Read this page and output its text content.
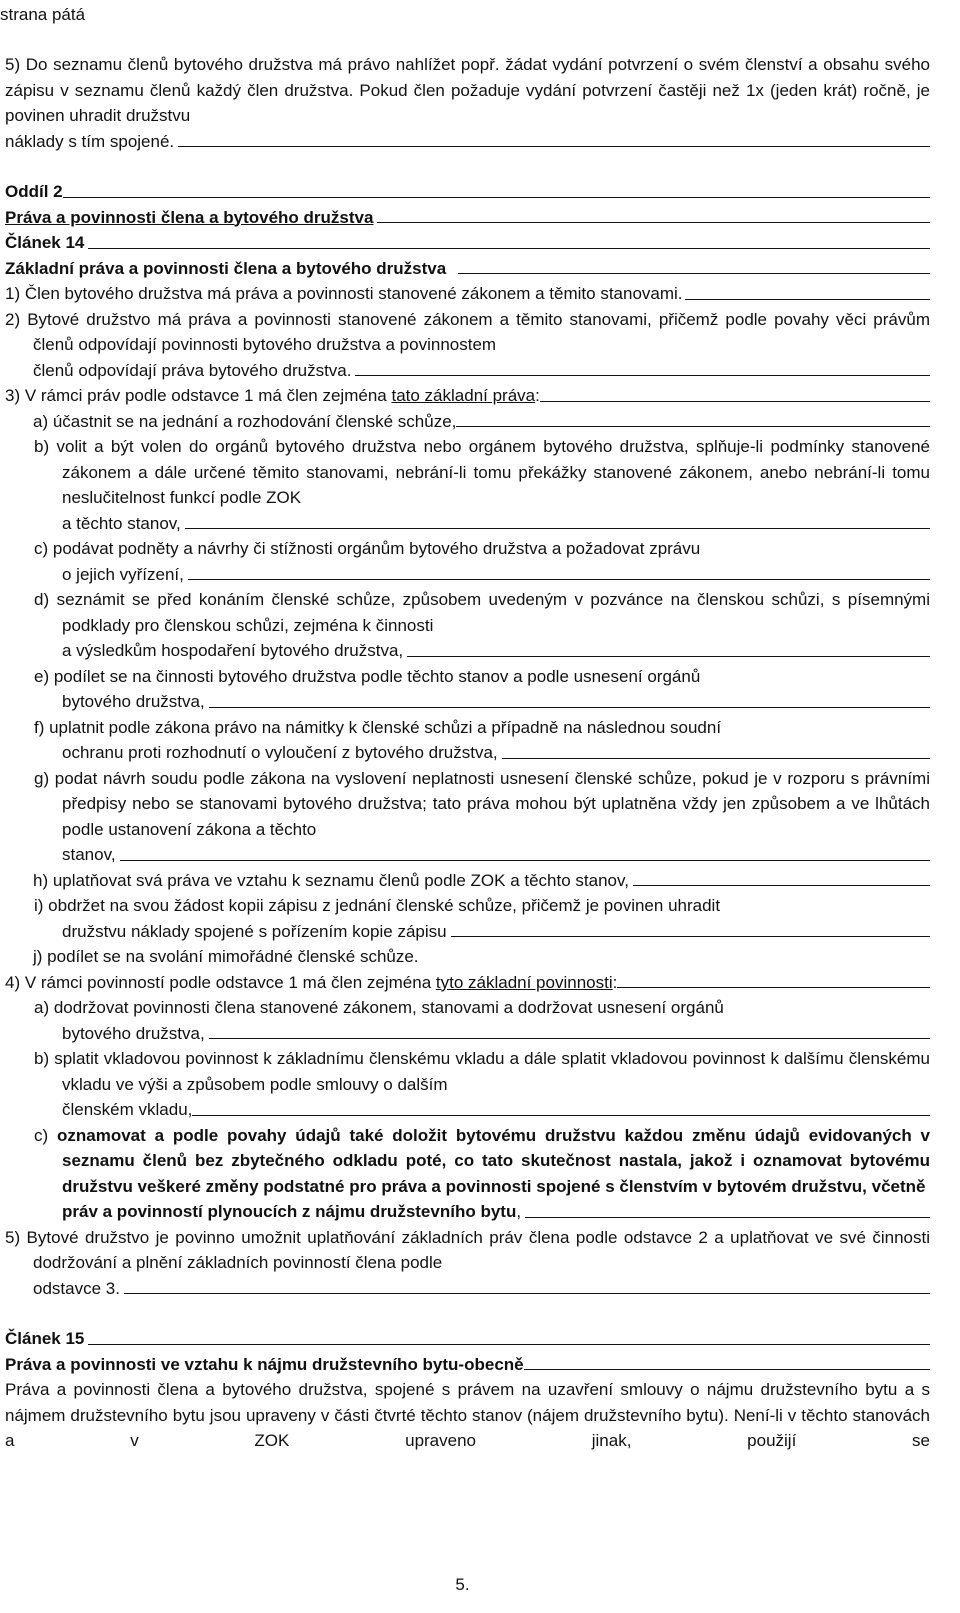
strana pátá

5) Do seznamu členů bytového družstva má právo nahlížet popř. žádat vydání potvrzení o svém členství a obsahu svého zápisu v seznamu členů každý člen družstva. Pokud člen požaduje vydání potvrzení častěji než 1x (jeden krát) ročně, je povinen uhradit družstvu

náklady s tím spojené.

Oddíl 2

Práva a povinnosti člena a bytového družstva

Článek 14

Základní práva a povinnosti člena a bytového družstva

1) Člen bytového družstva má práva a povinnosti stanovené zákonem a těmito stanovami.

2) Bytové družstvo má práva a povinnosti stanovené zákonem a těmito stanovami, přičemž podle povahy věci právům členů odpovídají povinnosti bytového družstva a povinnostem

členů odpovídají práva bytového družstva.

3) V rámci práv podle odstavce 1 má člen zejména tato základní práva:

a) účastnit se na jednání a rozhodování členské schůze,

b) volit a být volen do orgánů bytového družstva nebo orgánem bytového družstva, splňuje-li podmínky stanovené zákonem a dále určené těmito stanovami, nebrání-li tomu překážky stanovené zákonem, anebo nebrání-li tomu neslučitelnost funkcí podle ZOK

a těchto stanov,

c) podávat podněty a návrhy či stížnosti orgánům bytového družstva a požadovat zprávu

o jejich vyřízení,

d) seznámit se před konáním členské schůze, způsobem uvedeným v pozvánce na členskou schůzi, s písemnými podklady pro členskou schůzi, zejména k činnosti

a výsledkům hospodaření bytového družstva,

e) podílet se na činnosti bytového družstva podle těchto stanov a podle usnesení orgánů

bytového družstva,

f) uplatnit podle zákona právo na námitky k členské schůzi a případně na následnou soudní

ochranu proti rozhodnutí o vyloučení z bytového družstva,

g) podat návrh soudu podle zákona na vyslovení neplatnosti usnesení členské schůze, pokud je v rozporu s právními předpisy nebo se stanovami bytového družstva; tato práva mohou být uplatněna vždy jen způsobem a ve lhůtách podle ustanovení zákona a těchto

stanov,

h) uplatňovat svá práva ve vztahu k seznamu členů podle ZOK a těchto stanov,

i) obdržet na svou žádost kopii zápisu z jednání členské schůze, přičemž je povinen uhradit

družstvu náklady spojené s pořízením kopie zápisu

j) podílet se na svolání mimořádné členské schůze.

4) V rámci povinností podle odstavce 1 má člen zejména tyto základní povinnosti:

a) dodržovat povinnosti člena stanovené zákonem, stanovami a dodržovat usnesení orgánů

bytového družstva,

b) splatit vkladovou povinnost k základnímu členskému vkladu a dále splatit vkladovou povinnost k dalšímu členskému vkladu ve výši a způsobem podle smlouvy o dalším

členském vkladu,

c) oznamovat a podle povahy údajů také doložit bytovému družstvu každou změnu údajů evidovaných v seznamu členů bez zbytečného odkladu poté, co tato skutečnost nastala, jakož i oznamovat bytovému družstvu veškeré změny podstatné pro práva a povinnosti spojené s členstvím v bytovém družstvu, včetně

práv a povinností plynoucích z nájmu družstevního bytu,

5) Bytové družstvo je povinno umožnit uplatňování základních práv člena podle odstavce 2 a uplatňovat ve své činnosti dodržování a plnění základních povinností člena podle

odstavce 3.

Článek 15

Práva a povinnosti ve vztahu k nájmu družstevního bytu-obecně

Práva a povinnosti člena a bytového družstva, spojené s právem na uzavření smlouvy o nájmu družstevního bytu a s nájmem družstevního bytu jsou upraveny v části čtvrté těchto stanov (nájem družstevního bytu). Není-li v těchto stanovách a v ZOK upraveno jinak, použijí se

5.
